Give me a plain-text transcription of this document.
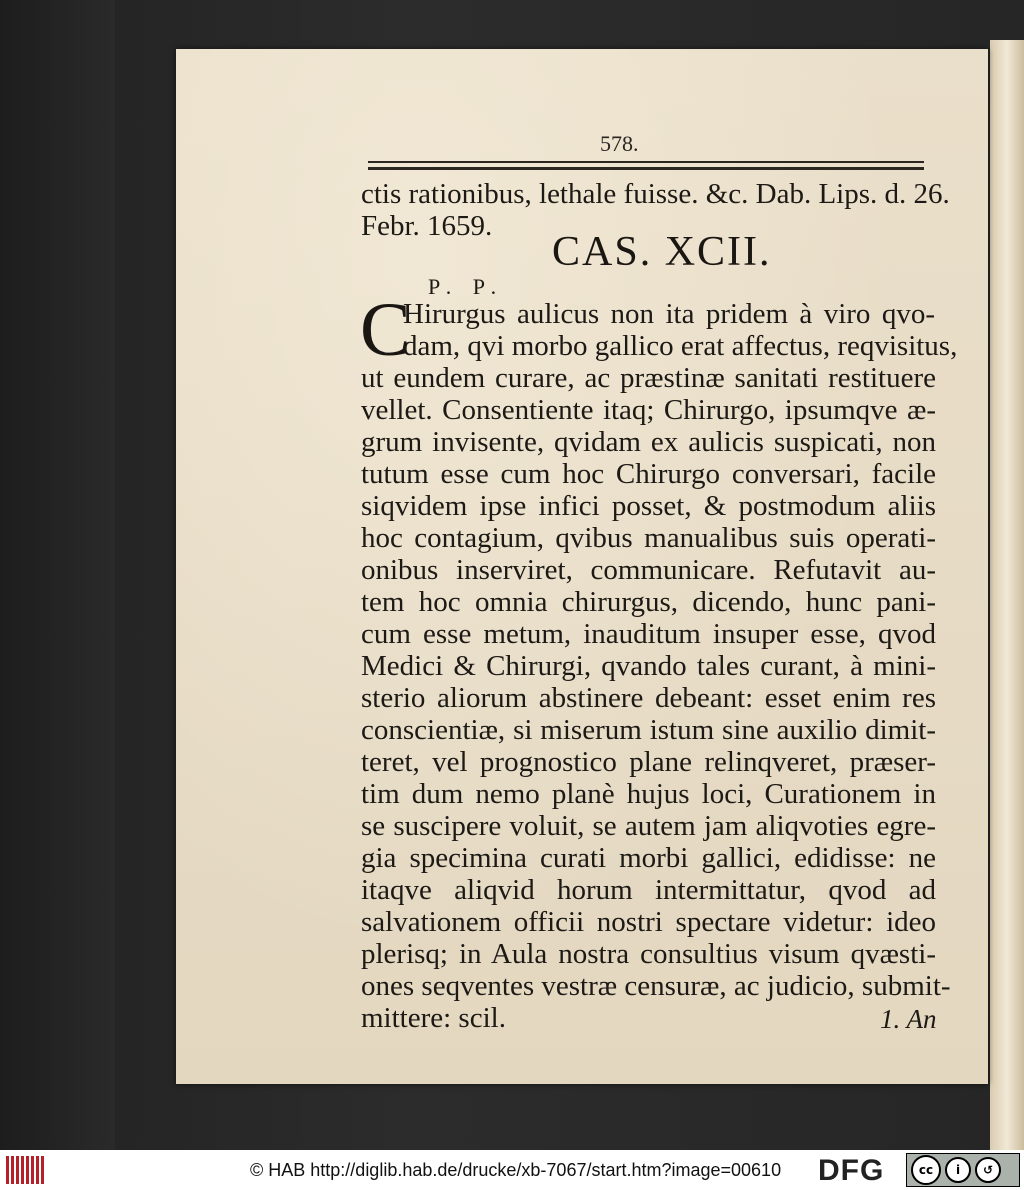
578.
ctis rationibus, lethale fuisse. &c. Dab. Lips. d. 26.
Febr. 1659.
CAS. XCII.
P. P.
C
Hirurgus aulicus non ita pridem à viro qvo-
dam, qvi morbo gallico erat affectus, reqvisitus,
ut eundem curare, ac præstinæ sanitati restituere
vellet. Consentiente itaq; Chirurgo, ipsumqve æ-
grum invisente, qvidam ex aulicis suspicati, non
tutum esse cum hoc Chirurgo conversari, facile
siqvidem ipse infici posset, & postmodum aliis
hoc contagium, qvibus manualibus suis operati-
onibus inserviret, communicare. Refutavit au-
tem hoc omnia chirurgus, dicendo, hunc pani-
cum esse metum, inauditum insuper esse, qvod
Medici & Chirurgi, qvando tales curant, à mini-
sterio aliorum abstinere debeant: esset enim res
conscientiæ, si miserum istum sine auxilio dimit-
teret, vel prognostico plane relinqveret, præser-
tim dum nemo planè hujus loci, Curationem in
se suscipere voluit, se autem jam aliqvoties egre-
gia specimina curati morbi gallici, edidisse: ne
itaqve aliqvid horum intermittatur, qvod ad
salvationem officii nostri spectare videtur: ideo
plerisq; in Aula nostra consultius visum qvæsti-
ones seqventes vestræ censuræ, ac judicio, submit-
mittere: scil.	1. An
© HAB http://diglib.hab.de/drucke/xb-7067/start.htm?image=00610 DFG	cc	i	↺
